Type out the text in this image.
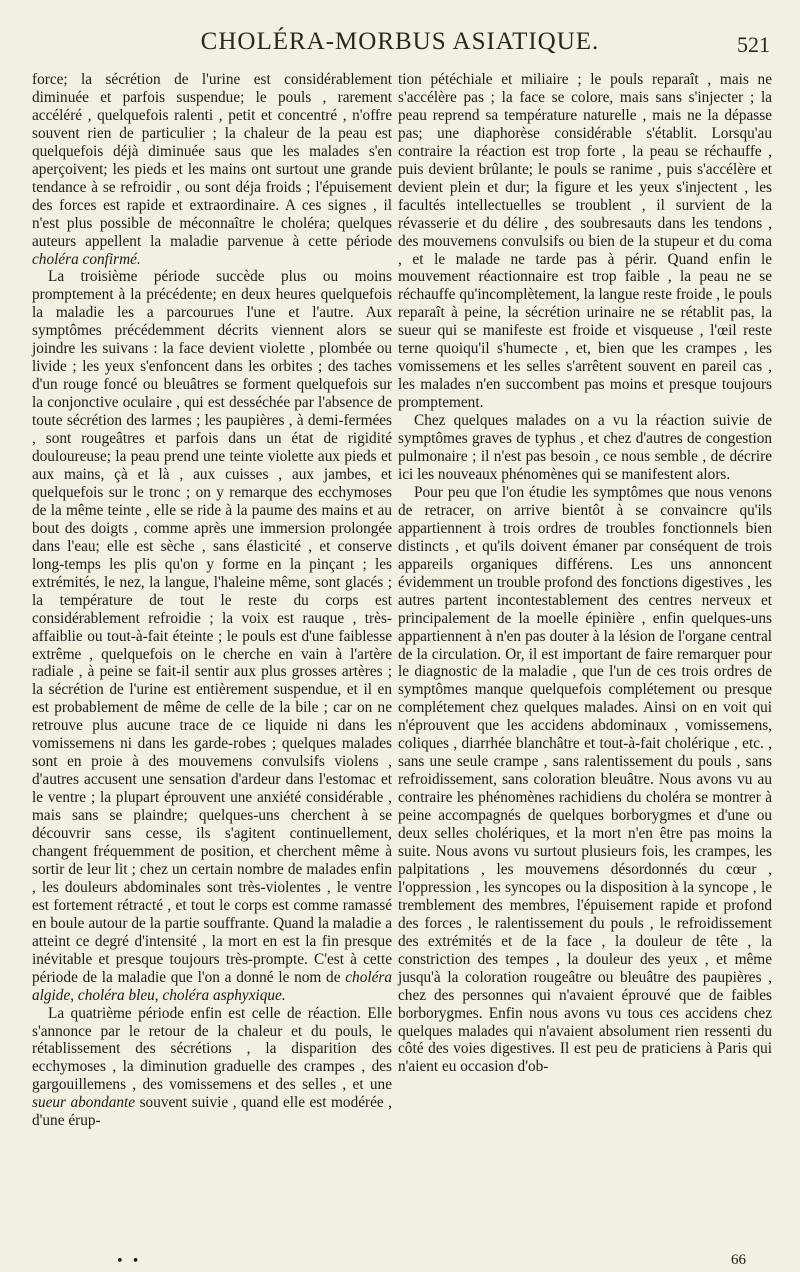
CHOLÉRA-MORBUS ASIATIQUE.	521

force; la sécrétion de l'urine est considérablement diminuée et parfois suspendue; le pouls , rarement accéléré , quelquefois ralenti , petit et concentré , n'offre souvent rien de particulier ; la chaleur de la peau est quelquefois déjà diminuée saus que les malades s'en aperçoivent; les pieds et les mains ont surtout une grande tendance à se refroidir , ou sont déja froids ; l'épuisement des forces est rapide et extraordinaire. A ces signes , il n'est plus possible de méconnaître le choléra; quelques auteurs appellent la maladie parvenue à cette période choléra confirmé.

La troisième période succède plus ou moins promptement à la précédente; en deux heures quelquefois la maladie les a parcourues l'une et l'autre. Aux symptômes précédemment décrits viennent alors se joindre les suivans : la face devient violette , plombée ou livide ; les yeux s'enfoncent dans les orbites ; des taches d'un rouge foncé ou bleuâtres se forment quelquefois sur la conjonctive oculaire , qui est desséchée par l'absence de toute sécrétion des larmes ; les paupières , à demi-fermées , sont rougeâtres et parfois dans un état de rigidité douloureuse; la peau prend une teinte violette aux pieds et aux mains, çà et là , aux cuisses , aux jambes, et quelquefois sur le tronc ; on y remarque des ecchymoses de la même teinte , elle se ride à la paume des mains et au bout des doigts , comme après une immersion prolongée dans l'eau; elle est sèche , sans élasticité , et conserve long-temps les plis qu'on y forme en la pinçant ; les extrémités, le nez, la langue, l'haleine même, sont glacés ; la température de tout le reste du corps est considérablement refroidie ; la voix est rauque , très-affaiblie ou tout-à-fait éteinte ; le pouls est d'une faiblesse extrême , quelquefois on le cherche en vain à l'artère radiale , à peine se fait-il sentir aux plus grosses artères ; la sécrétion de l'urine est entièrement suspendue, et il en est probablement de même de celle de la bile ; car on ne retrouve plus aucune trace de ce liquide ni dans les vomissemens ni dans les garde-robes ; quelques malades sont en proie à des mouvemens convulsifs violens , d'autres accusent une sensation d'ardeur dans l'estomac et le ventre ; la plupart éprouvent une anxiété considérable , mais sans se plaindre; quelques-uns cherchent à se découvrir sans cesse, ils s'agitent continuellement, changent fréquemment de position, et cherchent même à sortir de leur lit ; chez un certain nombre de malades enfin , les douleurs abdominales sont très-violentes , le ventre est fortement rétracté , et tout le corps est comme ramassé en boule autour de la partie souffrante. Quand la maladie a atteint ce degré d'intensité , la mort en est la fin presque inévitable et presque toujours très-prompte. C'est à cette période de la maladie que l'on a donné le nom de choléra algide, choléra bleu, choléra asphyxique.

La quatrième période enfin est celle de réaction. Elle s'annonce par le retour de la chaleur et du pouls, le rétablissement des sécrétions , la disparition des ecchymoses , la diminution graduelle des crampes , des gargouillemens , des vomissemens et des selles , et une sueur abondante souvent suivie , quand elle est modérée , d'une érup-

• •

tion pétéchiale et miliaire ; le pouls reparaît , mais ne s'accélère pas ; la face se colore, mais sans s'injecter ; la peau reprend sa température naturelle , mais ne la dépasse pas; une diaphorèse considérable s'établit. Lorsqu'au contraire la réaction est trop forte , la peau se réchauffe , puis devient brûlante; le pouls se ranime , puis s'accélère et devient plein et dur; la figure et les yeux s'injectent , les facultés intellectuelles se troublent , il survient de la révasserie et du délire , des soubresauts dans les tendons , des mouvemens convulsifs ou bien de la stupeur et du coma , et le malade ne tarde pas à périr. Quand enfin le mouvement réactionnaire est trop faible , la peau ne se réchauffe qu'incomplètement, la langue reste froide , le pouls reparaît à peine, la sécrétion urinaire ne se rétablit pas, la sueur qui se manifeste est froide et visqueuse , l'œil reste terne quoiqu'il s'humecte , et, bien que les crampes , les vomissemens et les selles s'arrêtent souvent en pareil cas , les malades n'en succombent pas moins et presque toujours promptement.

Chez quelques malades on a vu la réaction suivie de symptômes graves de typhus , et chez d'autres de congestion pulmonaire ; il n'est pas besoin , ce nous semble , de décrire ici les nouveaux phénomènes qui se manifestent alors.

Pour peu que l'on étudie les symptômes que nous venons de retracer, on arrive bientôt à se convaincre qu'ils appartiennent à trois ordres de troubles fonctionnels bien distincts , et qu'ils doivent émaner par conséquent de trois appareils organiques différens. Les uns annoncent évidemment un trouble profond des fonctions digestives , les autres partent incontestablement des centres nerveux et principalement de la moelle épinière , enfin quelques-uns appartiennent à n'en pas douter à la lésion de l'organe central de la circulation. Or, il est important de faire remarquer pour le diagnostic de la maladie , que l'un de ces trois ordres de symptômes manque quelquefois complétement ou presque complétement chez quelques malades. Ainsi on en voit qui n'éprouvent que les accidens abdominaux , vomissemens, coliques , diarrhée blanchâtre et tout-à-fait cholérique , etc. , sans une seule crampe , sans ralentissement du pouls , sans refroidissement, sans coloration bleuâtre. Nous avons vu au contraire les phénomènes rachidiens du choléra se montrer à peine accompagnés de quelques borborygmes et d'une ou deux selles cholériques, et la mort n'en être pas moins la suite. Nous avons vu surtout plusieurs fois, les crampes, les palpitations , les mouvemens désordonnés du cœur , l'oppression , les syncopes ou la disposition à la syncope , le tremblement des membres, l'épuisement rapide et profond des forces , le ralentissement du pouls , le refroidissement des extrémités et de la face , la douleur de tête , la constriction des tempes , la douleur des yeux , et même jusqu'à la coloration rougeâtre ou bleuâtre des paupières , chez des personnes qui n'avaient éprouvé que de faibles borborygmes. Enfin nous avons vu tous ces accidens chez quelques malades qui n'avaient absolument rien ressenti du côté des voies digestives. Il est peu de praticiens à Paris qui n'aient eu occasion d'ob-

66
